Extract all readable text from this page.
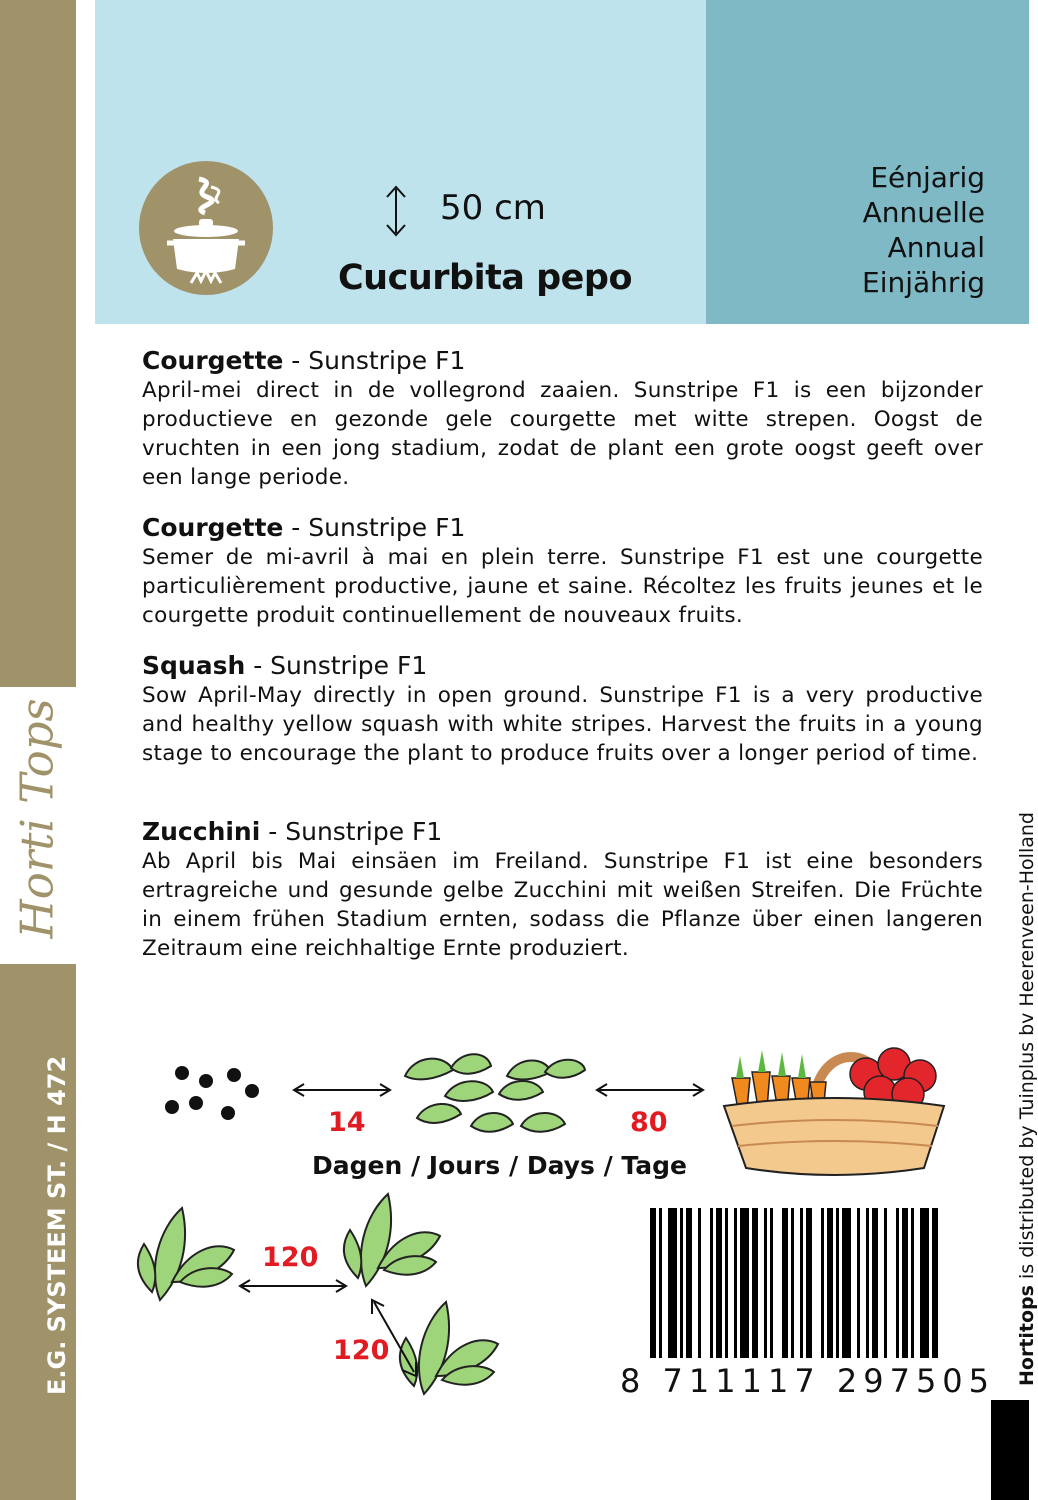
Horti Tops
E.G. SYSTEEM ST. / H 472
50 cm
Cucurbita pepo
Eénjarig
Annuelle
Annual
Einjährig
Courgette - Sunstripe F1

April-mei direct in de vollegrond zaaien. Sunstripe F1 is een bijzonder productieve en gezonde gele courgette met witte strepen. Oogst de vruchten in een jong stadium, zodat de plant een grote oogst geeft over een lange periode.

Courgette - Sunstripe F1

Semer de mi-avril à mai en plein terre. Sunstripe F1 est une courgette particulièrement productive, jaune et saine. Récoltez les fruits jeunes et le courgette produit continuellement de nouveaux fruits.

Squash - Sunstripe F1

Sow April-May directly in open ground. Sunstripe F1 is a very productive and healthy yellow squash with white stripes. Harvest the fruits in a young stage to encourage the plant to produce fruits over a longer period of time.

Zucchini - Sunstripe F1

Ab April bis Mai einsäen im Freiland. Sunstripe F1 ist eine besonders ertragreiche und gesunde gelbe Zucchini mit weißen Streifen. Die Früchte in einem frühen Stadium ernten, sodass die Pflanze über einen langeren Zeitraum eine reichhaltige Ernte produziert.

14	80
Dagen / Jours / Days / Tage
120
120
8 711117 297505 Hortitops is distributed by Tuinplus bv Heerenveen-Holland
